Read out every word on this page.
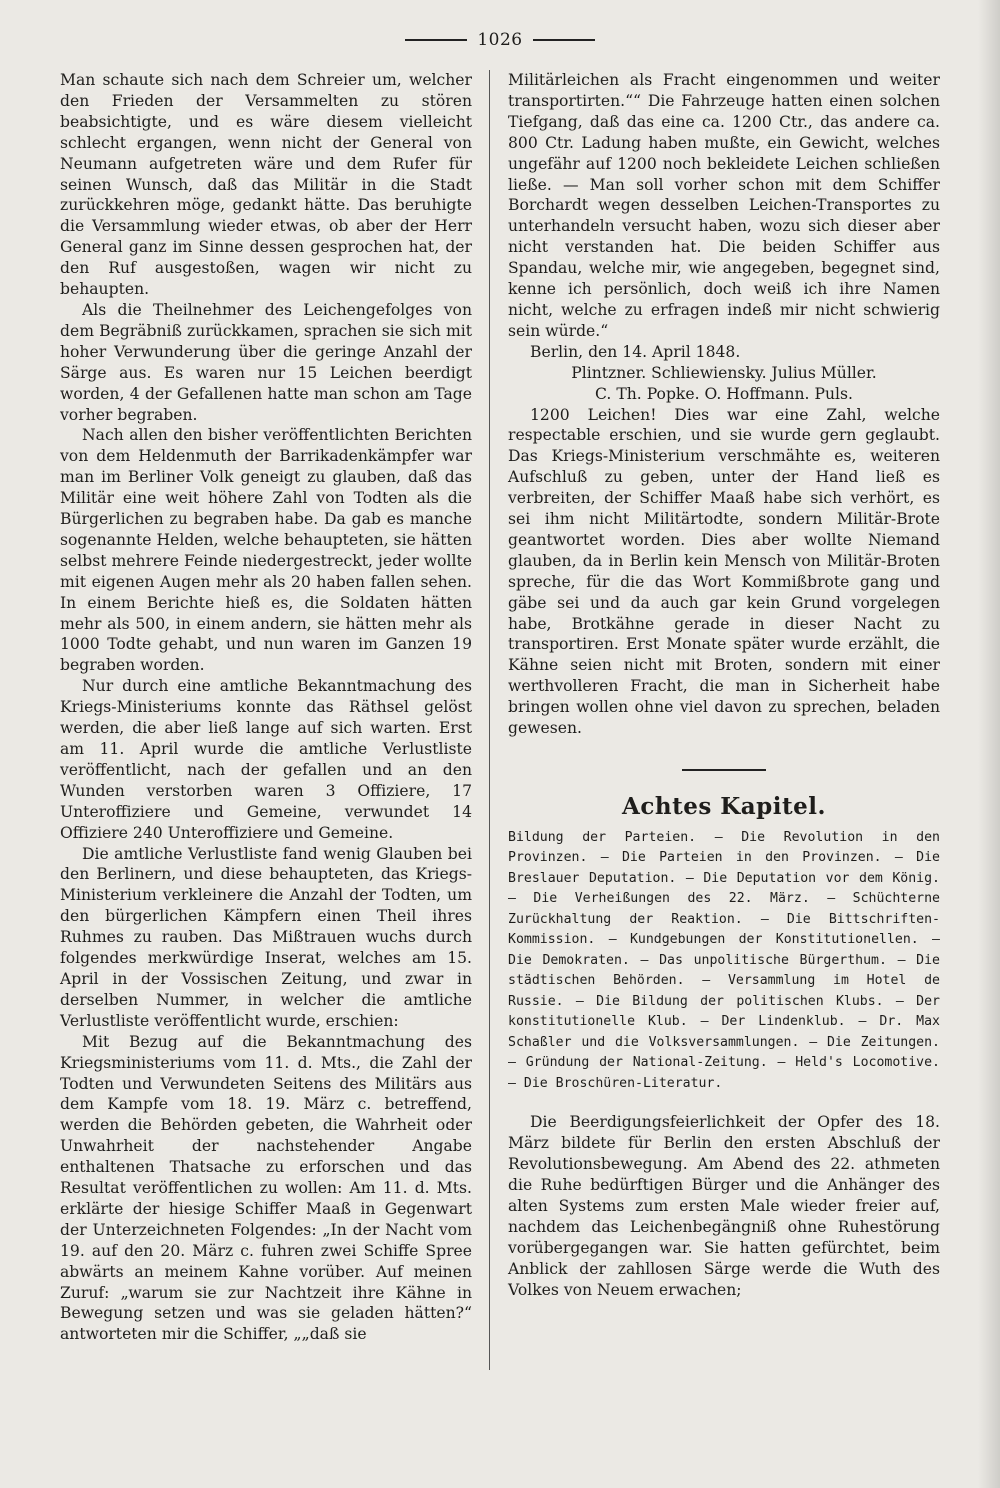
1026

Man schaute sich nach dem Schreier um, welcher den Frieden der Versammelten zu stören beabsichtigte, und es wäre diesem vielleicht schlecht ergangen, wenn nicht der General von Neumann aufgetreten wäre und dem Rufer für seinen Wunsch, daß das Militär in die Stadt zurückkehren möge, gedankt hätte. Das beruhigte die Versammlung wieder etwas, ob aber der Herr General ganz im Sinne dessen gesprochen hat, der den Ruf ausgestoßen, wagen wir nicht zu behaupten.

Als die Theilnehmer des Leichengefolges von dem Begräbniß zurückkamen, sprachen sie sich mit hoher Verwunderung über die geringe Anzahl der Särge aus. Es waren nur 15 Leichen beerdigt worden, 4 der Gefallenen hatte man schon am Tage vorher begraben.

Nach allen den bisher veröffentlichten Berichten von dem Heldenmuth der Barrikadenkämpfer war man im Berliner Volk geneigt zu glauben, daß das Militär eine weit höhere Zahl von Todten als die Bürgerlichen zu begraben habe. Da gab es manche sogenannte Helden, welche behaupteten, sie hätten selbst mehrere Feinde niedergestreckt, jeder wollte mit eigenen Augen mehr als 20 haben fallen sehen. In einem Berichte hieß es, die Soldaten hätten mehr als 500, in einem andern, sie hätten mehr als 1000 Todte gehabt, und nun waren im Ganzen 19 begraben worden.

Nur durch eine amtliche Bekanntmachung des Kriegs-Ministeriums konnte das Räthsel gelöst werden, die aber ließ lange auf sich warten. Erst am 11. April wurde die amtliche Verlustliste veröffentlicht, nach der gefallen und an den Wunden verstorben waren 3 Offiziere, 17 Unteroffiziere und Gemeine, verwundet 14 Offiziere 240 Unteroffiziere und Gemeine.

Die amtliche Verlustliste fand wenig Glauben bei den Berlinern, und diese behaupteten, das Kriegs-Ministerium verkleinere die Anzahl der Todten, um den bürgerlichen Kämpfern einen Theil ihres Ruhmes zu rauben. Das Mißtrauen wuchs durch folgendes merkwürdige Inserat, welches am 15. April in der Vossischen Zeitung, und zwar in derselben Nummer, in welcher die amtliche Verlustliste veröffentlicht wurde, erschien:

Mit Bezug auf die Bekanntmachung des Kriegsministeriums vom 11. d. Mts., die Zahl der Todten und Verwundeten Seitens des Militärs aus dem Kampfe vom 18. 19. März c. betreffend, werden die Behörden gebeten, die Wahrheit oder Unwahrheit der nachstehender Angabe enthaltenen Thatsache zu erforschen und das Resultat veröffentlichen zu wollen: Am 11. d. Mts. erklärte der hiesige Schiffer Maaß in Gegenwart der Unterzeichneten Folgendes: „In der Nacht vom 19. auf den 20. März c. fuhren zwei Schiffe Spree abwärts an meinem Kahne vorüber. Auf meinen Zuruf: „warum sie zur Nachtzeit ihre Kähne in Bewegung setzen und was sie geladen hätten?“ antworteten mir die Schiffer, „„daß sie

Militärleichen als Fracht eingenommen und weiter transportirten.““ Die Fahrzeuge hatten einen solchen Tiefgang, daß das eine ca. 1200 Ctr., das andere ca. 800 Ctr. Ladung haben mußte, ein Gewicht, welches ungefähr auf 1200 noch bekleidete Leichen schließen ließe. — Man soll vorher schon mit dem Schiffer Borchardt wegen desselben Leichen-Transportes zu unterhandeln versucht haben, wozu sich dieser aber nicht verstanden hat. Die beiden Schiffer aus Spandau, welche mir, wie angegeben, begegnet sind, kenne ich persönlich, doch weiß ich ihre Namen nicht, welche zu erfragen indeß mir nicht schwierig sein würde.“

Berlin, den 14. April 1848.

Plintzner. Schliewiensky. Julius Müller.

C. Th. Popke. O. Hoffmann. Puls.

1200 Leichen! Dies war eine Zahl, welche respectable erschien, und sie wurde gern geglaubt. Das Kriegs-Ministerium verschmähte es, weiteren Aufschluß zu geben, unter der Hand ließ es verbreiten, der Schiffer Maaß habe sich verhört, es sei ihm nicht Militärtodte, sondern Militär-Brote geantwortet worden. Dies aber wollte Niemand glauben, da in Berlin kein Mensch von Militär-Broten spreche, für die das Wort Kommißbrote gang und gäbe sei und da auch gar kein Grund vorgelegen habe, Brotkähne gerade in dieser Nacht zu transportiren. Erst Monate später wurde erzählt, die Kähne seien nicht mit Broten, sondern mit einer werthvolleren Fracht, die man in Sicherheit habe bringen wollen ohne viel davon zu sprechen, beladen gewesen.

Achtes Kapitel.

Bildung der Parteien. — Die Revolution in den Provinzen. — Die Parteien in den Provinzen. — Die Breslauer Deputation. — Die Deputation vor dem König. — Die Verheißungen des 22. März. — Schüchterne Zurückhaltung der Reaktion. — Die Bittschriften-Kommission. — Kundgebungen der Konstitutionellen. — Die Demokraten. — Das unpolitische Bürgerthum. — Die städtischen Behörden. — Versammlung im Hotel de Russie. — Die Bildung der politischen Klubs. — Der konstitutionelle Klub. — Der Lindenklub. — Dr. Max Schaßler und die Volksversammlungen. — Die Zeitungen. — Gründung der National-Zeitung. — Held's Locomotive. — Die Broschüren-Literatur.

Die Beerdigungsfeierlichkeit der Opfer des 18. März bildete für Berlin den ersten Abschluß der Revolutionsbewegung. Am Abend des 22. athmeten die Ruhe bedürftigen Bürger und die Anhänger des alten Systems zum ersten Male wieder freier auf, nachdem das Leichenbegängniß ohne Ruhestörung vorübergegangen war. Sie hatten gefürchtet, beim Anblick der zahllosen Särge werde die Wuth des Volkes von Neuem erwachen;
